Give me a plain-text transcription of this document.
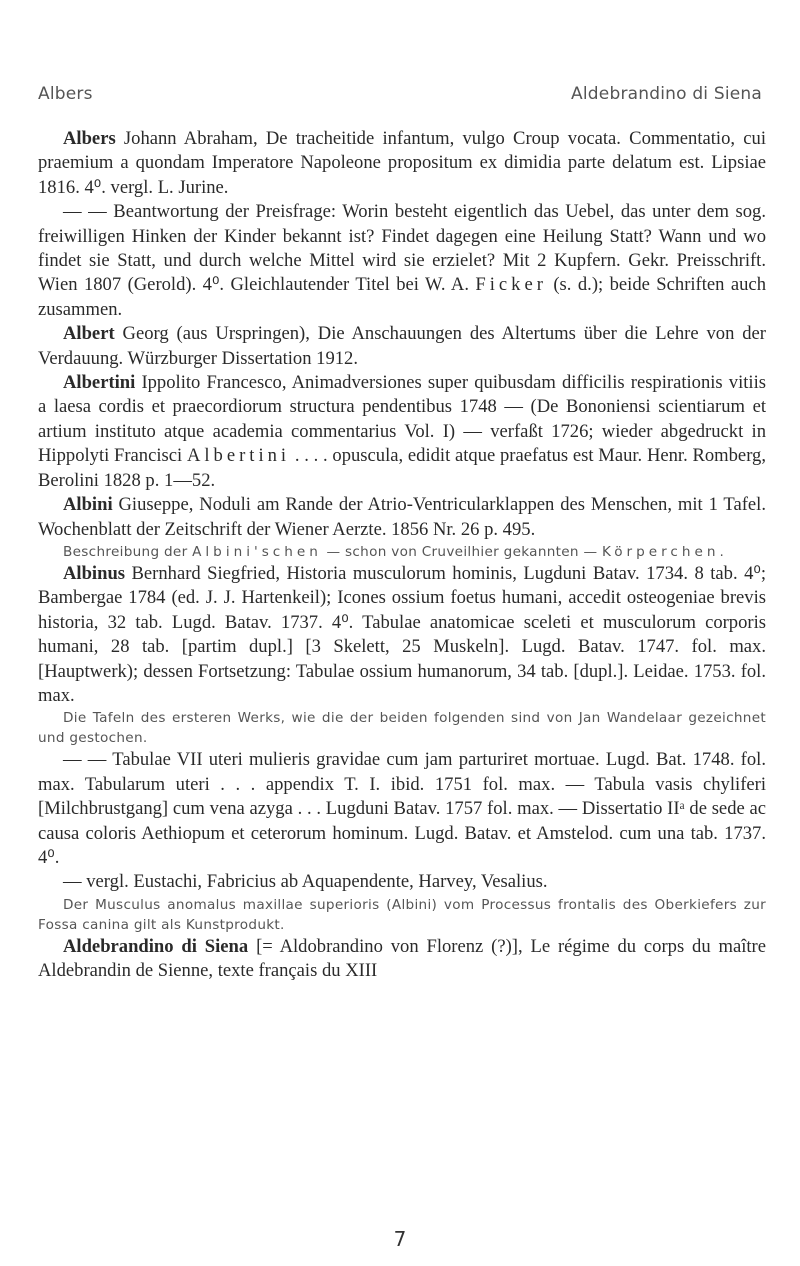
Albers	Aldebrandino di Siena

Albers Johann Abraham, De tracheitide infantum, vulgo Croup vocata. Commentatio, cui praemium a quondam Imperatore Napoleone propositum ex dimidia parte delatum est. Lipsiae 1816. 4⁰. vergl. L. Jurine.

— — Beantwortung der Preisfrage: Worin besteht eigentlich das Uebel, das unter dem sog. freiwilligen Hinken der Kinder bekannt ist? Findet dagegen eine Heilung Statt? Wann und wo findet sie Statt, und durch welche Mittel wird sie erzielet? Mit 2 Kupfern. Gekr. Preisschrift. Wien 1807 (Gerold). 4⁰. Gleichlautender Titel bei W. A. Ficker (s. d.); beide Schriften auch zusammen.

Albert Georg (aus Urspringen), Die Anschauungen des Altertums über die Lehre von der Verdauung. Würzburger Dissertation 1912.

Albertini Ippolito Francesco, Animadversiones super quibusdam difficilis respirationis vitiis a laesa cordis et praecordiorum structura pendentibus 1748 — (De Bononiensi scientiarum et artium instituto atque academia commentarius Vol. I) — verfaßt 1726; wieder abgedruckt in Hippolyti Francisci Albertini . . . . opuscula, edidit atque praefatus est Maur. Henr. Romberg, Berolini 1828 p. 1—52.

Albini Giuseppe, Noduli am Rande der Atrio-Ventricularklappen des Menschen, mit 1 Tafel. Wochenblatt der Zeitschrift der Wiener Aerzte. 1856 Nr. 26 p. 495.

Beschreibung der Albini'schen — schon von Cruveilhier gekannten — Körperchen.

Albinus Bernhard Siegfried, Historia musculorum hominis, Lugduni Batav. 1734. 8 tab. 4⁰; Bambergae 1784 (ed. J. J. Hartenkeil); Icones ossium foetus humani, accedit osteogeniae brevis historia, 32 tab. Lugd. Batav. 1737. 4⁰. Tabulae anatomicae sceleti et musculorum corporis humani, 28 tab. [partim dupl.] [3 Skelett, 25 Muskeln]. Lugd. Batav. 1747. fol. max. [Hauptwerk); dessen Fortsetzung: Tabulae ossium humanorum, 34 tab. [dupl.]. Leidae. 1753. fol. max.

Die Tafeln des ersteren Werks, wie die der beiden folgenden sind von Jan Wandelaar gezeichnet und gestochen.

— — Tabulae VII uteri mulieris gravidae cum jam parturiret mortuae. Lugd. Bat. 1748. fol. max. Tabularum uteri . . . appendix T. I. ibid. 1751 fol. max. — Tabula vasis chyliferi [Milchbrustgang] cum vena azyga . . . Lugduni Batav. 1757 fol. max. — Dissertatio IIᵃ de sede ac causa coloris Aethiopum et ceterorum hominum. Lugd. Batav. et Amstelod. cum una tab. 1737. 4⁰.

— vergl. Eustachi, Fabricius ab Aquapendente, Harvey, Vesalius.

Der Musculus anomalus maxillae superioris (Albini) vom Processus frontalis des Oberkiefers zur Fossa canina gilt als Kunstprodukt.

Aldebrandino di Siena [= Aldobrandino von Florenz (?)], Le régime du corps du maître Aldebrandin de Sienne, texte français du XIII

7
